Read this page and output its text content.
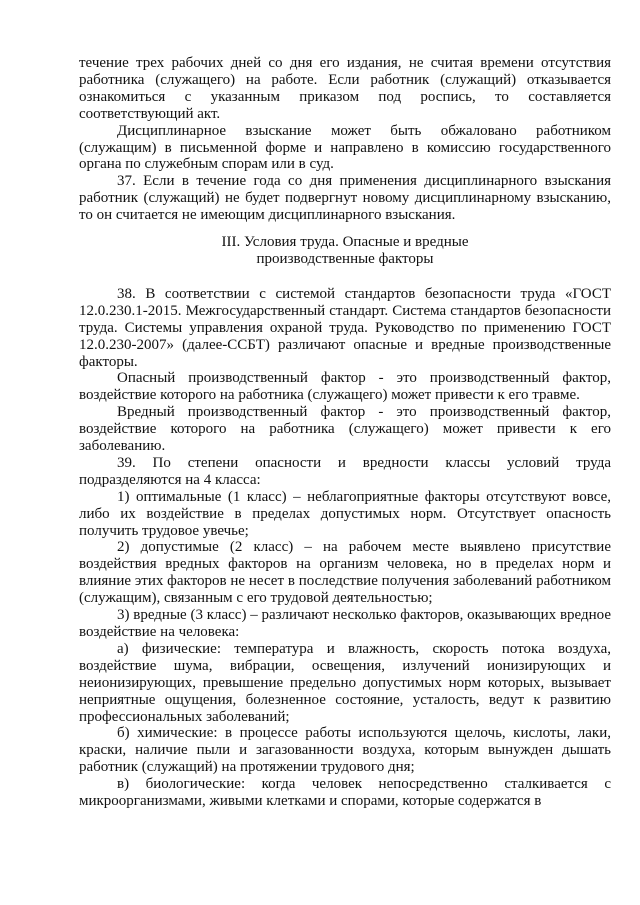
течение трех рабочих дней со дня его издания, не считая времени отсутствия работника (служащего) на работе. Если работник (служащий) отказывается ознакомиться с указанным приказом под роспись, то составляется соответствующий акт.

Дисциплинарное взыскание может быть обжаловано работником (служащим) в письменной форме и направлено в комиссию государственного органа по служебным спорам или в суд.

37. Если в течение года со дня применения дисциплинарного взыскания работник (служащий) не будет подвергнут новому дисциплинарному взысканию, то он считается не имеющим дисциплинарного взыскания.

III. Условия труда. Опасные и вредные
производственные факторы

38. В соответствии с системой стандартов безопасности труда «ГОСТ 12.0.230.1-2015. Межгосударственный стандарт. Система стандартов безопасности труда. Системы управления охраной труда. Руководство по применению ГОСТ 12.0.230-2007» (далее-ССБТ) различают опасные и вредные производственные факторы.

Опасный производственный фактор - это производственный фактор, воздействие которого на работника (служащего) может привести к его травме.

Вредный производственный фактор - это производственный фактор, воздействие которого на работника (служащего) может привести к его заболеванию.

39. По степени опасности и вредности классы условий труда подразделяются на 4 класса:

1) оптимальные (1 класс) – неблагоприятные факторы отсутствуют вовсе, либо их воздействие в пределах допустимых норм. Отсутствует опасность получить трудовое увечье;

2) допустимые (2 класс) – на рабочем месте выявлено присутствие воздействия вредных факторов на организм человека, но в пределах норм и влияние этих факторов не несет в последствие получения заболеваний работником (служащим), связанным с его трудовой деятельностью;

3) вредные (3 класс) – различают несколько факторов, оказывающих вредное воздействие на человека:

а) физические: температура и влажность, скорость потока воздуха, воздействие шума, вибрации, освещения, излучений ионизирующих и неионизирующих, превышение предельно допустимых норм которых, вызывает неприятные ощущения, болезненное состояние, усталость, ведут к развитию профессиональных заболеваний;

б) химические: в процессе работы используются щелочь, кислоты, лаки, краски, наличие пыли и загазованности воздуха, которым вынужден дышать работник (служащий) на протяжении трудового дня;

в) биологические: когда человек непосредственно сталкивается с микроорганизмами, живыми клетками и спорами, которые содержатся в
